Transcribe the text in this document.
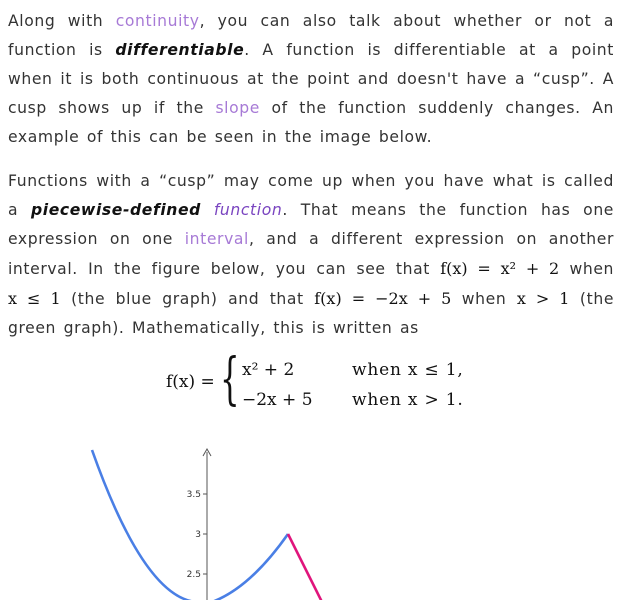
Along with continuity, you can also talk about whether or not a function is differentiable. A function is differentiable at a point when it is both continuous at the point and doesn't have a “cusp”. A cusp shows up if the slope of the function suddenly changes. An example of this can be seen in the image below.

Functions with a “cusp” may come up when you have what is called a piecewise-defined function. That means the function has one expression on one interval, and a different expression on another interval. In the figure below, you can see that f(x) = x² + 2 when x ≤ 1 (the blue graph) and that f(x) = −2x + 5 when x > 1 (the green graph). Mathematically, this is written as

f(x) = { x² + 2	when x ≤ 1,
−2x + 5 when x > 1.
3.5
3
2.5
